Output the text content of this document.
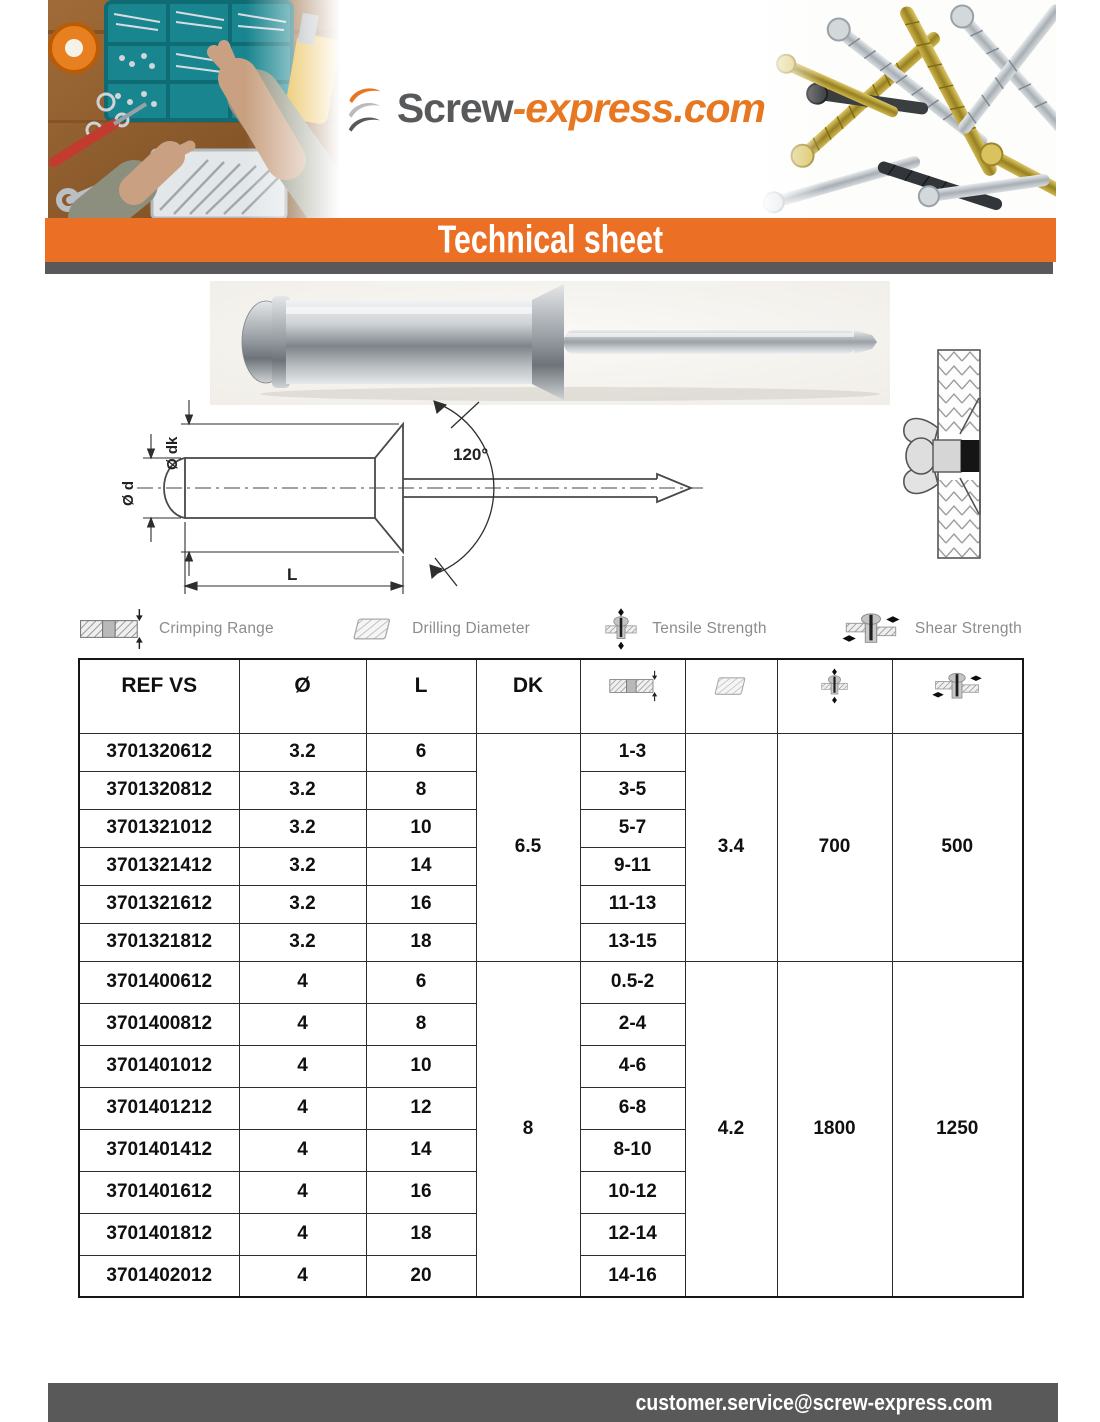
Screw-express.com
Technical sheet
Ø d
Ø dk	120°
L
Crimping Range	Drilling Diameter	Tensile Strength	Shear Strength
REF VS	Ø	L	DK				
3701320612	3.2	6	6.5	1-3	3.4	700	500
3701320812	3.2	8		3-5			
3701321012	3.2	10		5-7			
3701321412	3.2	14		9-11			
3701321612	3.2	16		11-13			
3701321812	3.2	18		13-15			
3701400612	4	6	8	0.5-2	4.2	1800	1250
3701400812	4	8		2-4			
3701401012	4	10		4-6			
3701401212	4	12		6-8			
3701401412	4	14		8-10			
3701401612	4	16		10-12			
3701401812	4	18		12-14			
3701402012	4	20		14-16			
customer.service@screw-express.com
